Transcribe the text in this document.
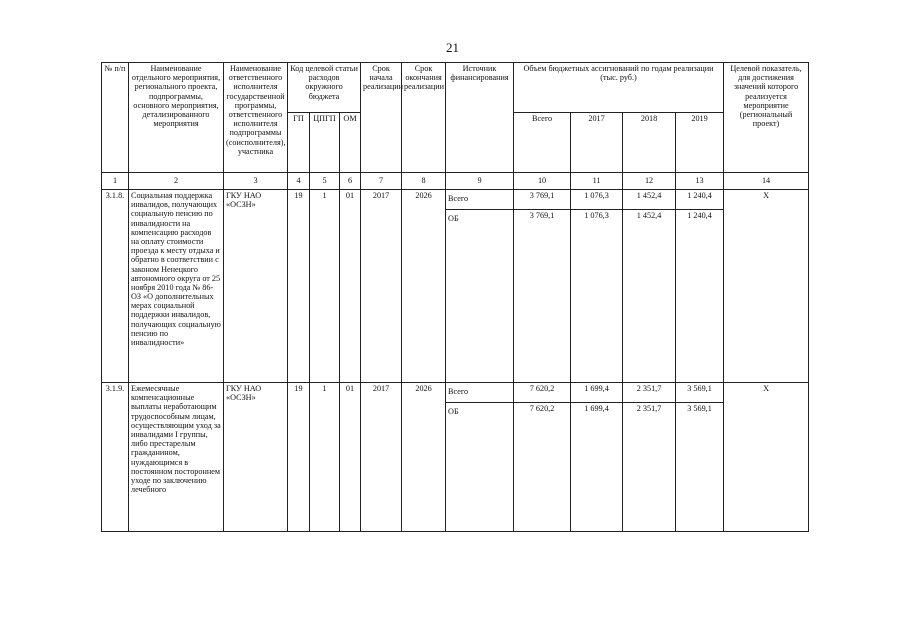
21
№ п/п	Наименование отдельного мероприятия, регионального проекта, подпрограммы, основного мероприятия, детализированного мероприятия	Наименование ответственного исполнителя государственной программы, ответственного исполнителя подпрограммы (соисполнителя), участника	Код целевой статьи расходов окружного бюджета			Срок начала реализации	Срок окончания реализации	Источник финансирования	Объем бюджетных ассигнований по годам реализации (тыс. руб.)				Целевой показатель, для достижения значений которого реализуется мероприятие (региональный проект)
			ГП	ЦПГП	ОМ				Всего	2017	2018	2019	
1	2	3	4	5	6	7	8	9	10	11	12	13	14
3.1.8.	Социальная поддержка инвалидов, получающих социальную пенсию по инвалидности на компенсацию расходов на оплату стоимости проезда к месту отдыха и обратно в соответствии с законом Ненецкого автономного округа от 25 ноября 2010 года № 86-ОЗ «О дополнительных мерах социальной поддержки инвалидов, получающих социальную пенсию по инвалидности»	ГКУ НАО «ОСЗН»	19	1	01	2017	2026	Всего	3 769,1	1 076,3	1 452,4	1 240,4	Х
								ОБ	3 769,1	1 076,3	1 452,4	1 240,4	
3.1.9.	Ежемесячные компенсационные выплаты неработающим трудоспособным лицам, осуществляющим уход за инвалидами I группы, либо престарелым гражданином, нуждающимся в постоянном постороннем уходе по заключению лечебного	ГКУ НАО «ОСЗН»	19	1	01	2017	2026	Всего	7 620,2	1 699,4	2 351,7	3 569,1	Х
								ОБ	7 620,2	1 699,4	2 351,7	3 569,1	
